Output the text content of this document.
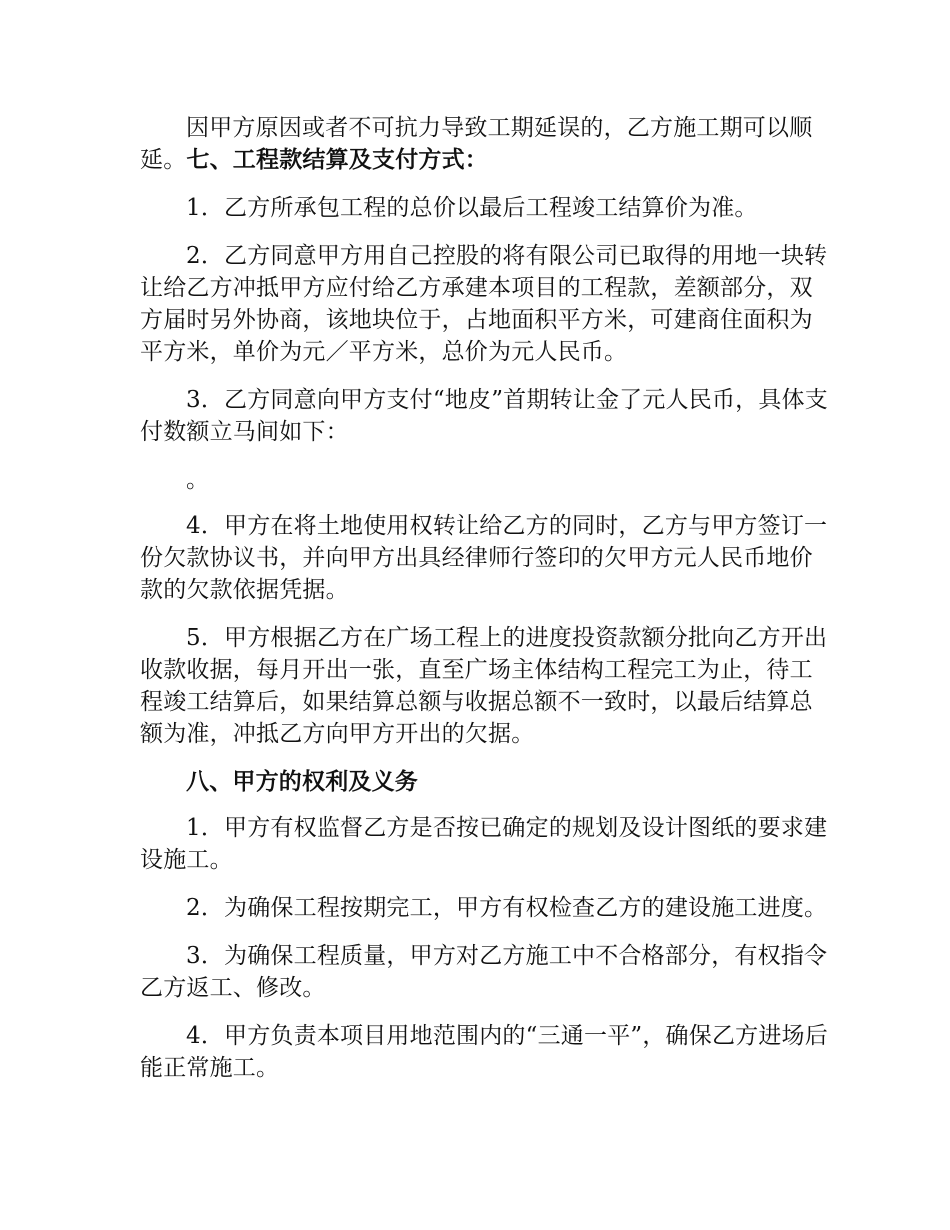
因甲方原因或者不可抗力导致工期延误的，乙方施工期可以顺延。七、工程款结算及支付方式：

1．乙方所承包工程的总价以最后工程竣工结算价为准。

2．乙方同意甲方用自己控股的将有限公司已取得的用地一块转让给乙方冲抵甲方应付给乙方承建本项目的工程款，差额部分，双方届时另外协商，该地块位于，占地面积平方米，可建商住面积为平方米，单价为元／平方米，总价为元人民币。

3．乙方同意向甲方支付“地皮”首期转让金了元人民币，具体支付数额立马间如下：

。

4．甲方在将土地使用权转让给乙方的同时，乙方与甲方签订一份欠款协议书，并向甲方出具经律师行签印的欠甲方元人民币地价款的欠款依据凭据。

5．甲方根据乙方在广场工程上的进度投资款额分批向乙方开出收款收据，每月开出一张，直至广场主体结构工程完工为止，待工程竣工结算后，如果结算总额与收据总额不一致时，以最后结算总额为准，冲抵乙方向甲方开出的欠据。

八、甲方的权利及义务

1．甲方有权监督乙方是否按已确定的规划及设计图纸的要求建设施工。

2．为确保工程按期完工，甲方有权检查乙方的建设施工进度。

3．为确保工程质量，甲方对乙方施工中不合格部分，有权指令乙方返工、修改。

4．甲方负责本项目用地范围内的“三通一平”，确保乙方进场后能正常施工。
